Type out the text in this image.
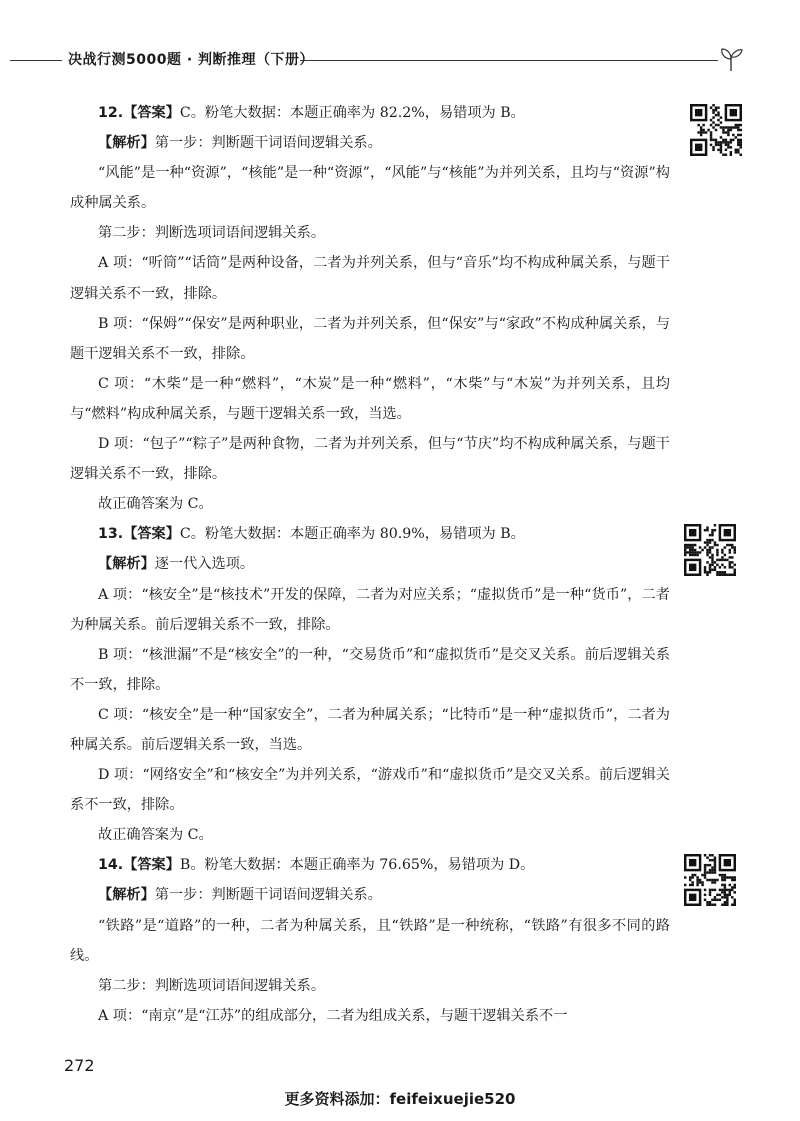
决战行测5000题 · 判断推理（下册）

12.【答案】C。粉笔大数据：本题正确率为 82.2%，易错项为 B。

【解析】第一步：判断题干词语间逻辑关系。

“风能”是一种“资源”，“核能”是一种“资源”，“风能”与“核能”为并列关系，且均与“资源”构成种属关系。

第二步：判断选项词语间逻辑关系。

A 项：“听筒”“话筒”是两种设备，二者为并列关系，但与“音乐”均不构成种属关系，与题干逻辑关系不一致，排除。

B 项：“保姆”“保安”是两种职业，二者为并列关系，但“保安”与“家政”不构成种属关系，与题干逻辑关系不一致，排除。

C 项：“木柴”是一种“燃料”，“木炭”是一种“燃料”，“木柴”与“木炭”为并列关系，且均与“燃料”构成种属关系，与题干逻辑关系一致，当选。

D 项：“包子”“粽子”是两种食物，二者为并列关系，但与“节庆”均不构成种属关系，与题干逻辑关系不一致，排除。

故正确答案为 C。

13.【答案】C。粉笔大数据：本题正确率为 80.9%，易错项为 B。

【解析】逐一代入选项。

A 项：“核安全”是“核技术”开发的保障，二者为对应关系；“虚拟货币”是一种“货币”，二者为种属关系。前后逻辑关系不一致，排除。

B 项：“核泄漏”不是“核安全”的一种，“交易货币”和“虚拟货币”是交叉关系。前后逻辑关系不一致，排除。

C 项：“核安全”是一种“国家安全”，二者为种属关系；“比特币”是一种“虚拟货币”，二者为种属关系。前后逻辑关系一致，当选。

D 项：“网络安全”和“核安全”为并列关系，“游戏币”和“虚拟货币”是交叉关系。前后逻辑关系不一致，排除。

故正确答案为 C。

14.【答案】B。粉笔大数据：本题正确率为 76.65%，易错项为 D。

【解析】第一步：判断题干词语间逻辑关系。

“铁路”是“道路”的一种，二者为种属关系，且“铁路”是一种统称，“铁路”有很多不同的路线。

第二步：判断选项词语间逻辑关系。

A 项：“南京”是“江苏”的组成部分，二者为组成关系，与题干逻辑关系不一

272
更多资料添加：feifeixuejie520
